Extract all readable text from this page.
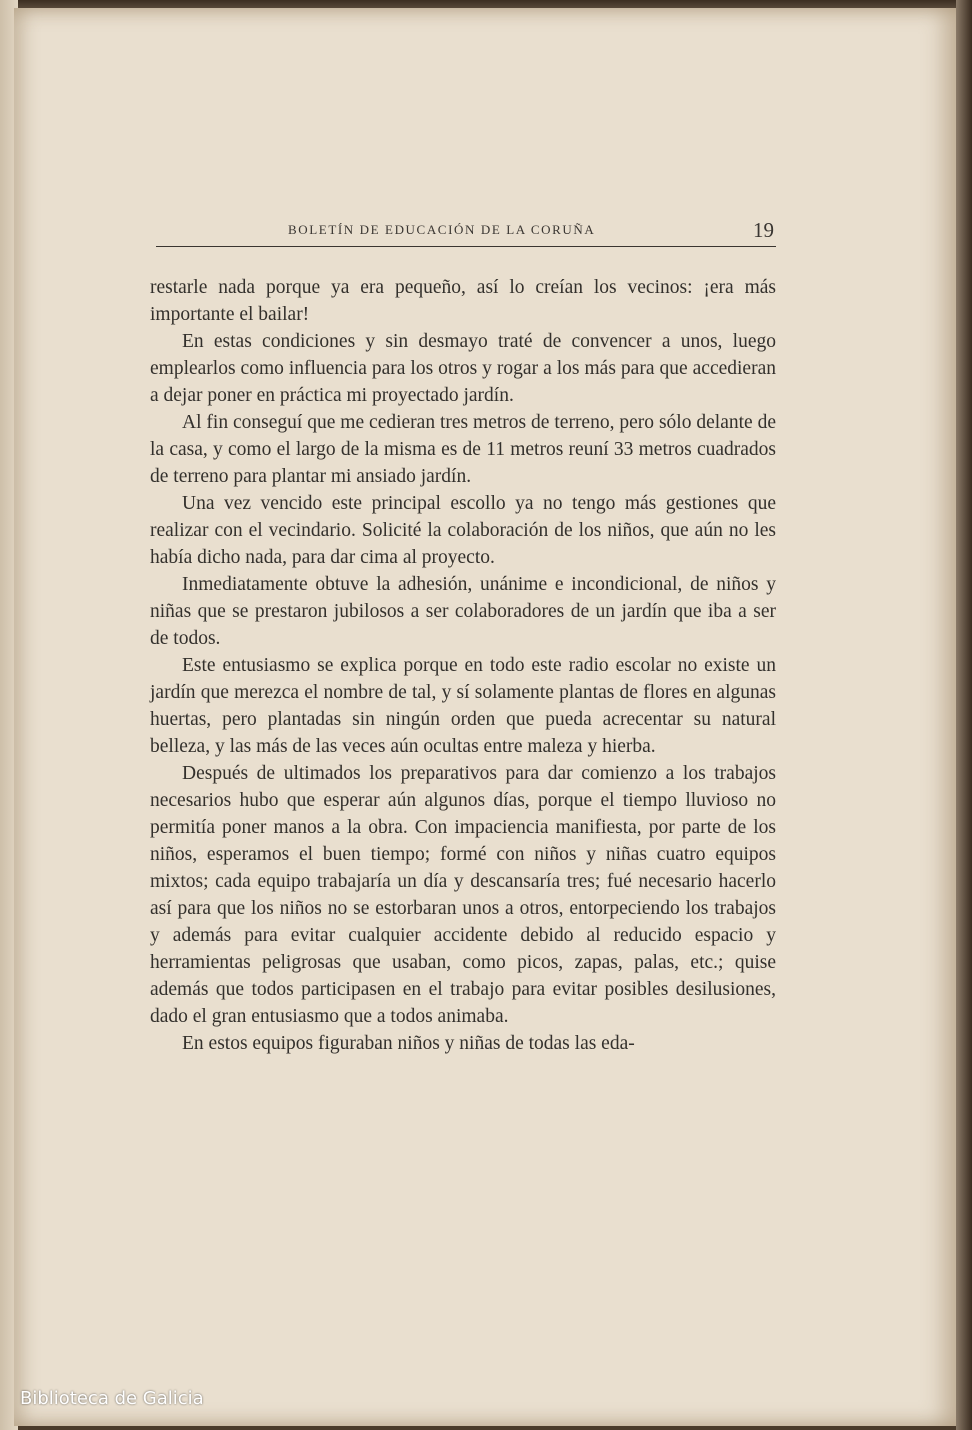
BOLETÍN DE EDUCACIÓN DE LA CORUÑA	19

restarle nada porque ya era pequeño, así lo creían los vecinos: ¡era más importante el bailar!

En estas condiciones y sin desmayo traté de convencer a unos, luego emplearlos como influencia para los otros y rogar a los más para que accedieran a dejar poner en práctica mi proyectado jardín.

Al fin conseguí que me cedieran tres metros de terreno, pero sólo delante de la casa, y como el largo de la misma es de 11 metros reuní 33 metros cuadrados de terreno para plantar mi ansiado jardín.

Una vez vencido este principal escollo ya no tengo más gestiones que realizar con el vecindario. Solicité la colaboración de los niños, que aún no les había dicho nada, para dar cima al proyecto.

Inmediatamente obtuve la adhesión, unánime e incondicional, de niños y niñas que se prestaron jubilosos a ser colaboradores de un jardín que iba a ser de todos.

Este entusiasmo se explica porque en todo este radio escolar no existe un jardín que merezca el nombre de tal, y sí solamente plantas de flores en algunas huertas, pero plantadas sin ningún orden que pueda acrecentar su natural belleza, y las más de las veces aún ocultas entre maleza y hierba.

Después de ultimados los preparativos para dar comienzo a los trabajos necesarios hubo que esperar aún algunos días, porque el tiempo lluvioso no permitía poner manos a la obra. Con impaciencia manifiesta, por parte de los niños, esperamos el buen tiempo; formé con niños y niñas cuatro equipos mixtos; cada equipo trabajaría un día y descansaría tres; fué necesario hacerlo así para que los niños no se estorbaran unos a otros, entorpeciendo los trabajos y además para evitar cualquier accidente debido al reducido espacio y herramientas peligrosas que usaban, como picos, zapas, palas, etc.; quise además que todos participasen en el trabajo para evitar posibles desilusiones, dado el gran entusiasmo que a todos animaba.

En estos equipos figuraban niños y niñas de todas las eda-

Biblioteca de Galicia
